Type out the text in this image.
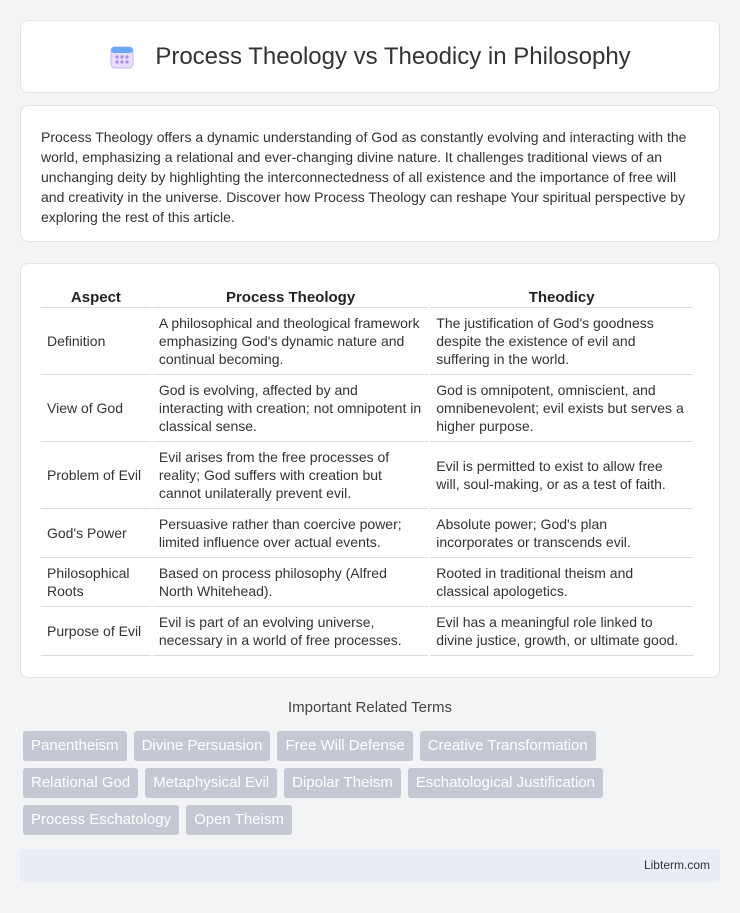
Process Theology vs Theodicy in Philosophy

Process Theology offers a dynamic understanding of God as constantly evolving and interacting with the world, emphasizing a relational and ever-changing divine nature. It challenges traditional views of an unchanging deity by highlighting the interconnectedness of all existence and the importance of free will and creativity in the universe. Discover how Process Theology can reshape Your spiritual perspective by exploring the rest of this article.

Aspect	Process Theology	Theodicy
Definition	A philosophical and theological framework emphasizing God's dynamic nature and continual becoming.	The justification of God's goodness despite the existence of evil and suffering in the world.
View of God	God is evolving, affected by and interacting with creation; not omnipotent in classical sense.	God is omnipotent, omniscient, and omnibenevolent; evil exists but serves a higher purpose.
Problem of Evil	Evil arises from the free processes of reality; God suffers with creation but cannot unilaterally prevent evil.	Evil is permitted to exist to allow free will, soul-making, or as a test of faith.
God's Power	Persuasive rather than coercive power; limited influence over actual events.	Absolute power; God's plan incorporates or transcends evil.
Philosophical Roots	Based on process philosophy (Alfred North Whitehead).	Rooted in traditional theism and classical apologetics.
Purpose of Evil	Evil is part of an evolving universe, necessary in a world of free processes.	Evil has a meaningful role linked to divine justice, growth, or ultimate good.
Important Related Terms
Panentheism	Divine Persuasion	Free Will Defense	Creative Transformation
Relational God	Metaphysical Evil	Dipolar Theism	Eschatological Justification
Process Eschatology	Open Theism
Libterm.com
